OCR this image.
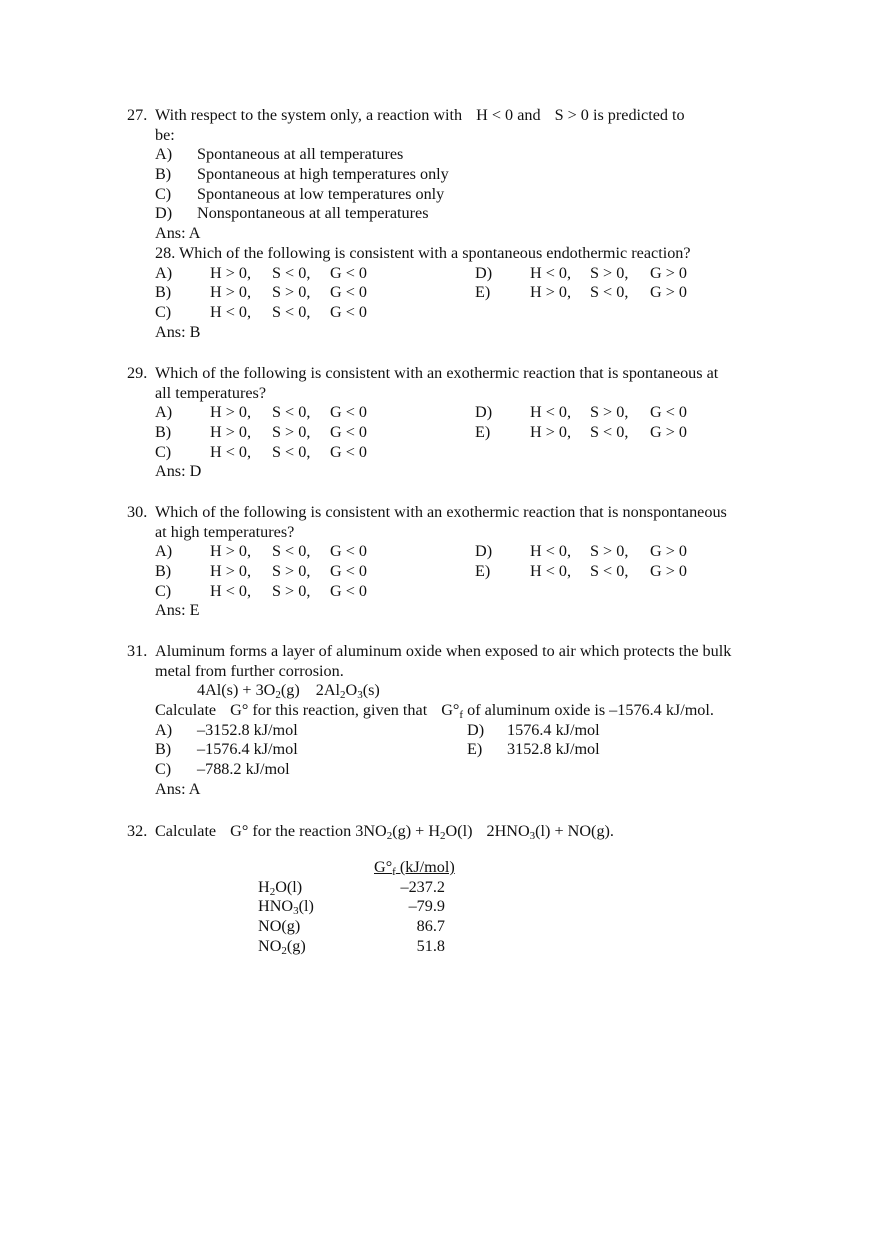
27. With respect to the system only, a reaction with H < 0 and S > 0 is predicted to
be:
A) Spontaneous at all temperatures
B) Spontaneous at high temperatures only
C) Spontaneous at low temperatures only
D) Nonspontaneous at all temperatures
Ans: A
28. Which of the following is consistent with a spontaneous endothermic reaction?
A) H > 0, S < 0, G < 0	D) H < 0, S > 0, G > 0
B) H > 0, S > 0, G < 0	E) H > 0, S < 0, G > 0
C) H < 0, S < 0, G < 0
Ans: B
29. Which of the following is consistent with an exothermic reaction that is spontaneous at
all temperatures?
A) H > 0, S < 0, G < 0	D) H < 0, S > 0, G < 0
B) H > 0, S > 0, G < 0	E) H > 0, S < 0, G > 0
C) H < 0, S < 0, G < 0
Ans: D
30. Which of the following is consistent with an exothermic reaction that is nonspontaneous
at high temperatures?
A) H > 0, S < 0, G < 0	D) H < 0, S > 0, G > 0
B) H > 0, S > 0, G < 0	E) H < 0, S < 0, G > 0
C) H < 0, S > 0, G < 0
Ans: E
31. Aluminum forms a layer of aluminum oxide when exposed to air which protects the bulk
metal from further corrosion.
$4Al(s) + 3O_2(g)$ $2Al_2O_3(s)$
Calculate G° for this reaction, given that $G^\circ_f$ of aluminum oxide is –1576.4 kJ/mol.
A) –3152.8 kJ/mol	D) 1576.4 kJ/mol
B) –1576.4 kJ/mol	E) 3152.8 kJ/mol
C) –788.2 kJ/mol
Ans: A
32. Calculate G° for the reaction $3NO_2(g) + H_2O(l) 2HNO_3(l) + NO(g)$.
$G^\circ_f$ (kJ/mol)
$H_2O(l)$	–237.2
$HNO_3(l)$	–79.9
NO(g)	86.7
$NO_2(g)$	51.8
